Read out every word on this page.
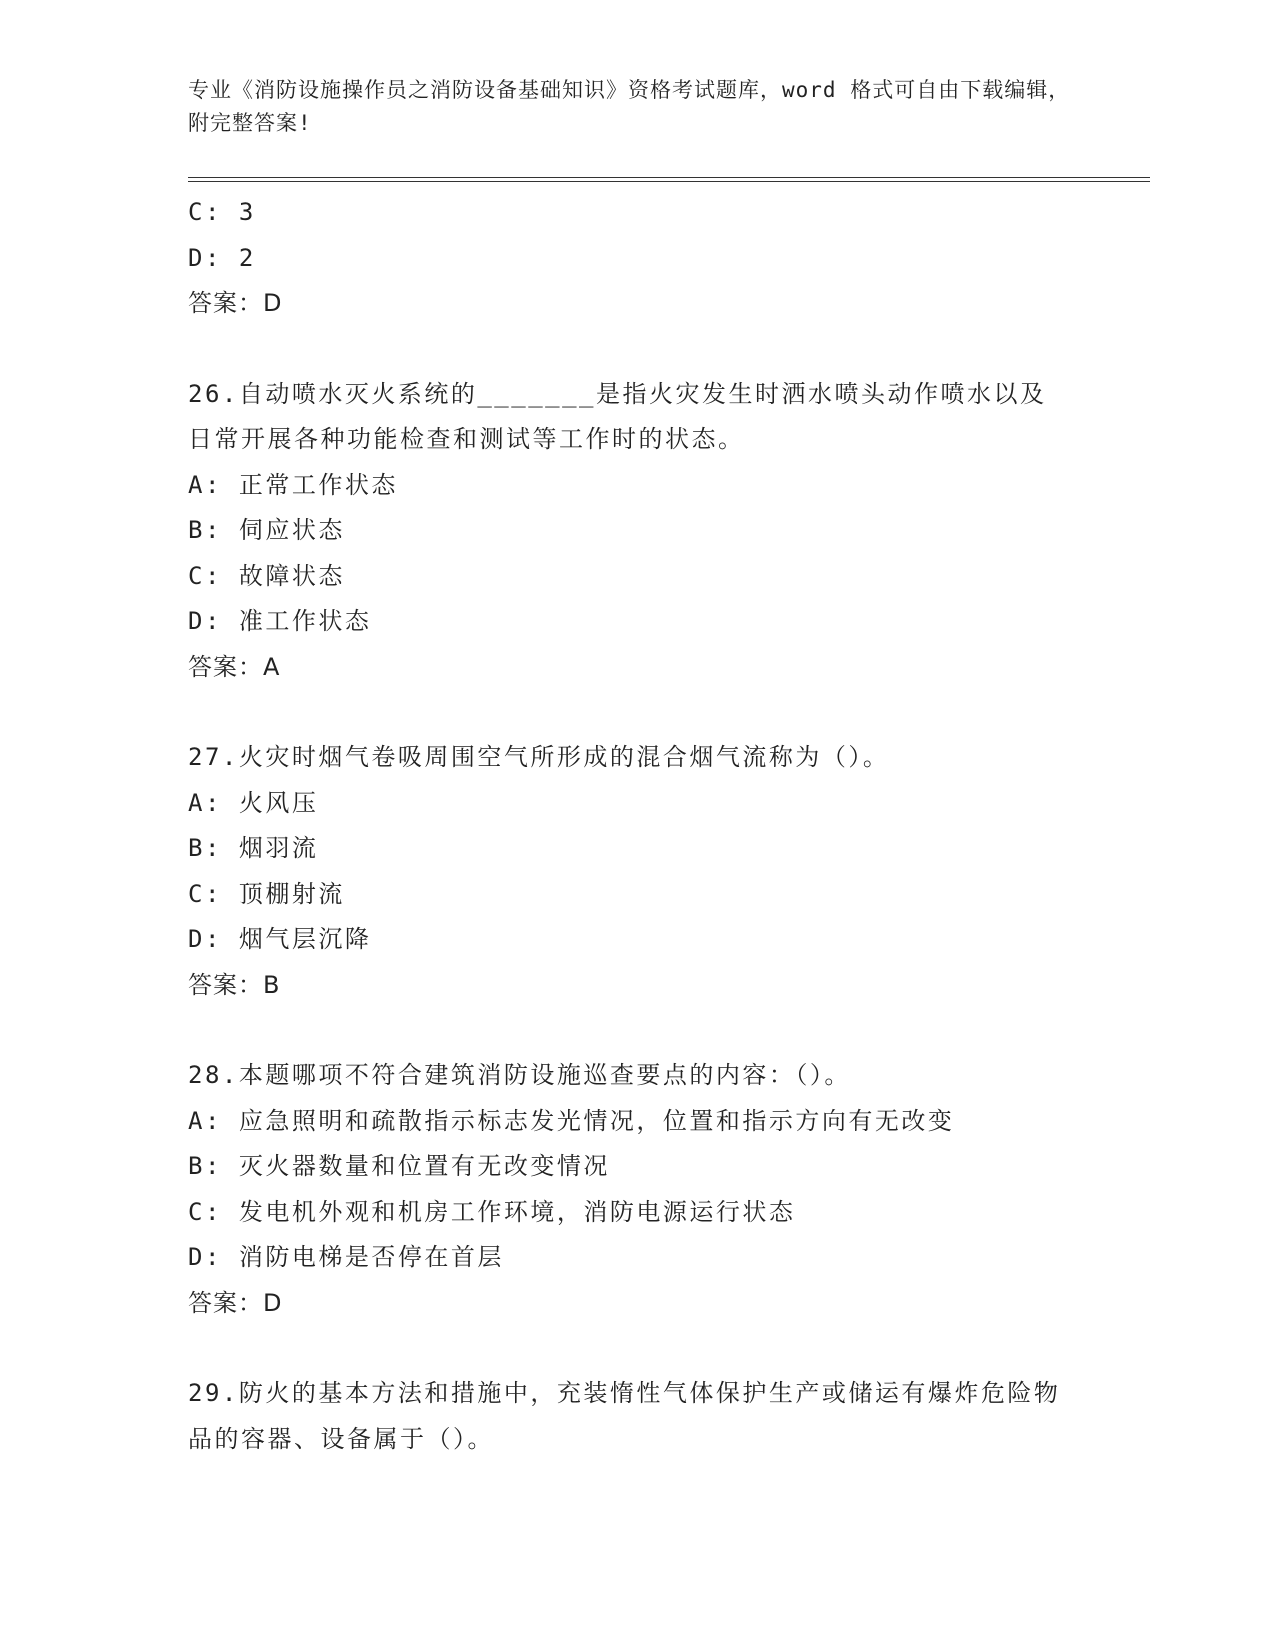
专业《消防设施操作员之消防设备基础知识》资格考试题库，word 格式可自由下载编辑，附完整答案!
C: 3
D: 2
答案：D
26.自动喷水灭火系统的_______是指火灾发生时洒水喷头动作喷水以及日常开展各种功能检查和测试等工作时的状态。
A: 正常工作状态
B: 伺应状态
C: 故障状态
D: 准工作状态
答案：A
27.火灾时烟气卷吸周围空气所形成的混合烟气流称为（）。
A: 火风压
B: 烟羽流
C: 顶棚射流
D: 烟气层沉降
答案：B
28.本题哪项不符合建筑消防设施巡查要点的内容：（）。
A: 应急照明和疏散指示标志发光情况，位置和指示方向有无改变
B: 灭火器数量和位置有无改变情况
C: 发电机外观和机房工作环境，消防电源运行状态
D: 消防电梯是否停在首层
答案：D
29.防火的基本方法和措施中，充装惰性气体保护生产或储运有爆炸危险物品的容器、设备属于（）。
